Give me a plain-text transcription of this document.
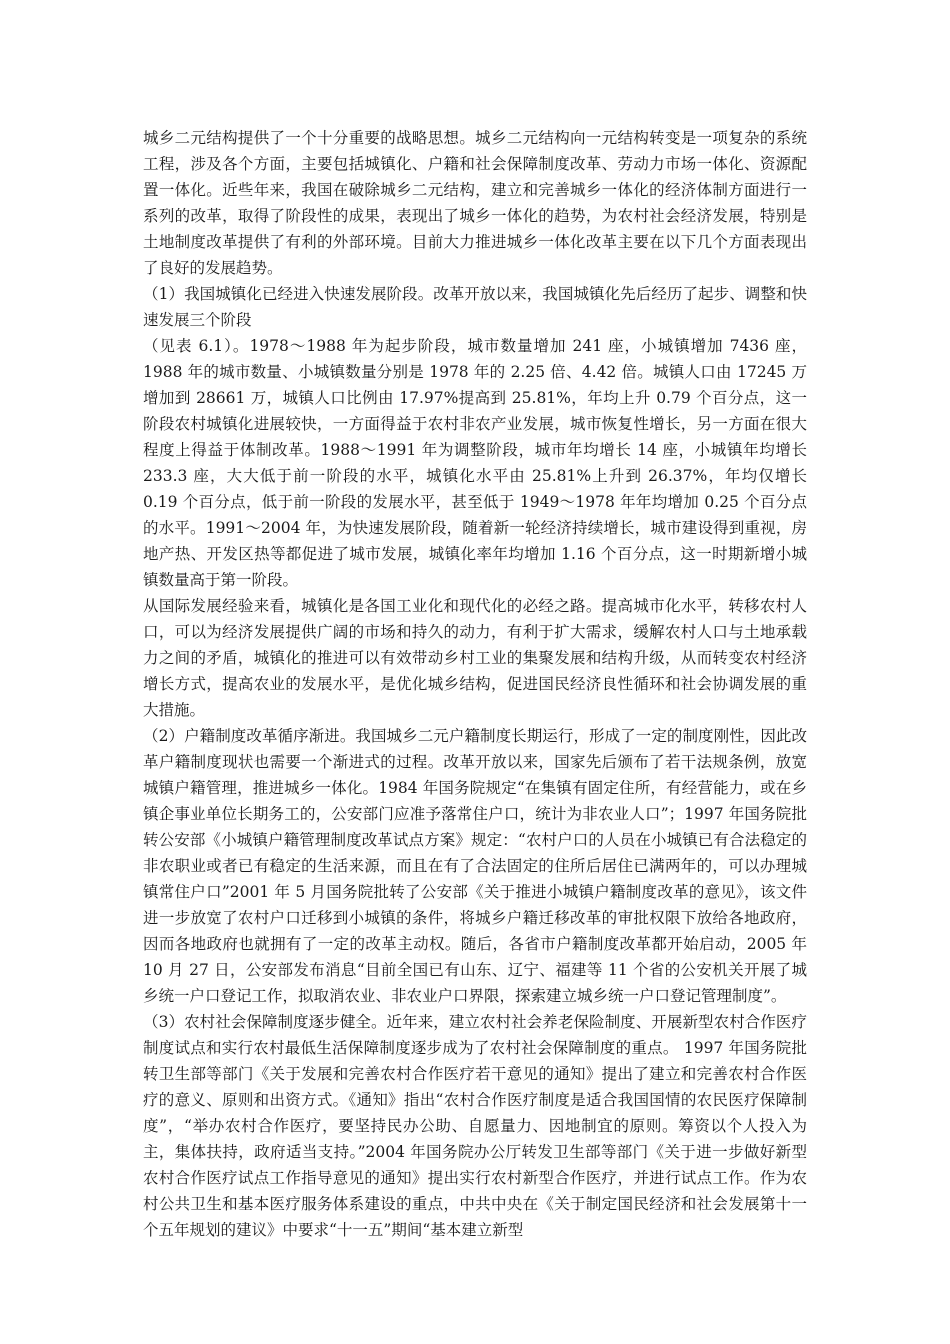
城乡二元结构提供了一个十分重要的战略思想。城乡二元结构向一元结构转变是一项复杂的系统工程，涉及各个方面，主要包括城镇化、户籍和社会保障制度改革、劳动力市场一体化、资源配置一体化。近些年来，我国在破除城乡二元结构，建立和完善城乡一体化的经济体制方面进行一系列的改革，取得了阶段性的成果，表现出了城乡一体化的趋势，为农村社会经济发展，特别是土地制度改革提供了有利的外部环境。目前大力推进城乡一体化改革主要在以下几个方面表现出了良好的发展趋势。

（1）我国城镇化已经进入快速发展阶段。改革开放以来，我国城镇化先后经历了起步、调整和快速发展三个阶段

（见表 6.1）。1978～1988 年为起步阶段，城市数量增加 241 座，小城镇增加 7436 座，1988 年的城市数量、小城镇数量分别是 1978 年的 2.25 倍、4.42 倍。城镇人口由 17245 万增加到 28661 万，城镇人口比例由 17.97%提高到 25.81%，年均上升 0.79 个百分点，这一阶段农村城镇化进展较快，一方面得益于农村非农产业发展，城市恢复性增长，另一方面在很大程度上得益于体制改革。1988～1991 年为调整阶段，城市年均增长 14 座，小城镇年均增长 233.3 座，大大低于前一阶段的水平，城镇化水平由 25.81%上升到 26.37%，年均仅增长 0.19 个百分点，低于前一阶段的发展水平，甚至低于 1949～1978 年年均增加 0.25 个百分点的水平。1991～2004 年，为快速发展阶段，随着新一轮经济持续增长，城市建设得到重视，房地产热、开发区热等都促进了城市发展，城镇化率年均增加 1.16 个百分点，这一时期新增小城镇数量高于第一阶段。

从国际发展经验来看，城镇化是各国工业化和现代化的必经之路。提高城市化水平，转移农村人口，可以为经济发展提供广阔的市场和持久的动力，有利于扩大需求，缓解农村人口与土地承载力之间的矛盾，城镇化的推进可以有效带动乡村工业的集聚发展和结构升级，从而转变农村经济增长方式，提高农业的发展水平，是优化城乡结构，促进国民经济良性循环和社会协调发展的重大措施。

（2）户籍制度改革循序渐进。我国城乡二元户籍制度长期运行，形成了一定的制度刚性，因此改革户籍制度现状也需要一个渐进式的过程。改革开放以来，国家先后颁布了若干法规条例，放宽城镇户籍管理，推进城乡一体化。1984 年国务院规定“在集镇有固定住所，有经营能力，或在乡镇企事业单位长期务工的，公安部门应准予落常住户口，统计为非农业人口”；1997 年国务院批转公安部《小城镇户籍管理制度改革试点方案》规定：“农村户口的人员在小城镇已有合法稳定的非农职业或者已有稳定的生活来源，而且在有了合法固定的住所后居住已满两年的，可以办理城镇常住户口”2001 年 5 月国务院批转了公安部《关于推进小城镇户籍制度改革的意见》，该文件进一步放宽了农村户口迁移到小城镇的条件，将城乡户籍迁移改革的审批权限下放给各地政府，因而各地政府也就拥有了一定的改革主动权。随后，各省市户籍制度改革都开始启动，2005 年 10 月 27 日，公安部发布消息“目前全国已有山东、辽宁、福建等 11 个省的公安机关开展了城乡统一户口登记工作，拟取消农业、非农业户口界限，探索建立城乡统一户口登记管理制度”。

（3）农村社会保障制度逐步健全。近年来，建立农村社会养老保险制度、开展新型农村合作医疗制度试点和实行农村最低生活保障制度逐步成为了农村社会保障制度的重点。 1997 年国务院批转卫生部等部门《关于发展和完善农村合作医疗若干意见的通知》提出了建立和完善农村合作医疗的意义、原则和出资方式。《通知》指出“农村合作医疗制度是适合我国国情的农民医疗保障制度”，“举办农村合作医疗，要坚持民办公助、自愿量力、因地制宜的原则。筹资以个人投入为主，集体扶持，政府适当支持。”2004 年国务院办公厅转发卫生部等部门《关于进一步做好新型农村合作医疗试点工作指导意见的通知》提出实行农村新型合作医疗，并进行试点工作。作为农村公共卫生和基本医疗服务体系建设的重点，中共中央在《关于制定国民经济和社会发展第十一个五年规划的建议》中要求“十一五”期间“基本建立新型
